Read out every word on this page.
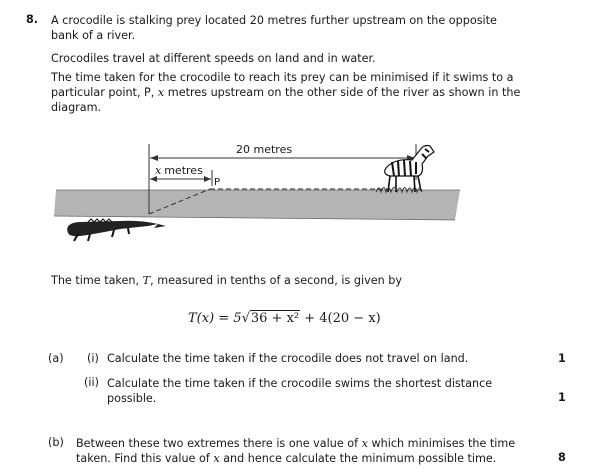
8. A crocodile is stalking prey located 20 metres further upstream on the opposite
bank of a river.
Crocodiles travel at different speeds on land and in water.
The time taken for the crocodile to reach its prey can be minimised if it swims to a
particular point, P, x metres upstream on the other side of the river as shown in the
diagram.
20 metres
x metres
P
The time taken, T, measured in tenths of a second, is given by
T(x) = 5√36 + x² + 4(20 − x)
(a) (i) Calculate the time taken if the crocodile does not travel on land.	1
(ii) Calculate the time taken if the crocodile swims the shortest distance
possible.	1
(b) Between these two extremes there is one value of x which minimises the time
taken. Find this value of x and hence calculate the minimum possible time.	8
